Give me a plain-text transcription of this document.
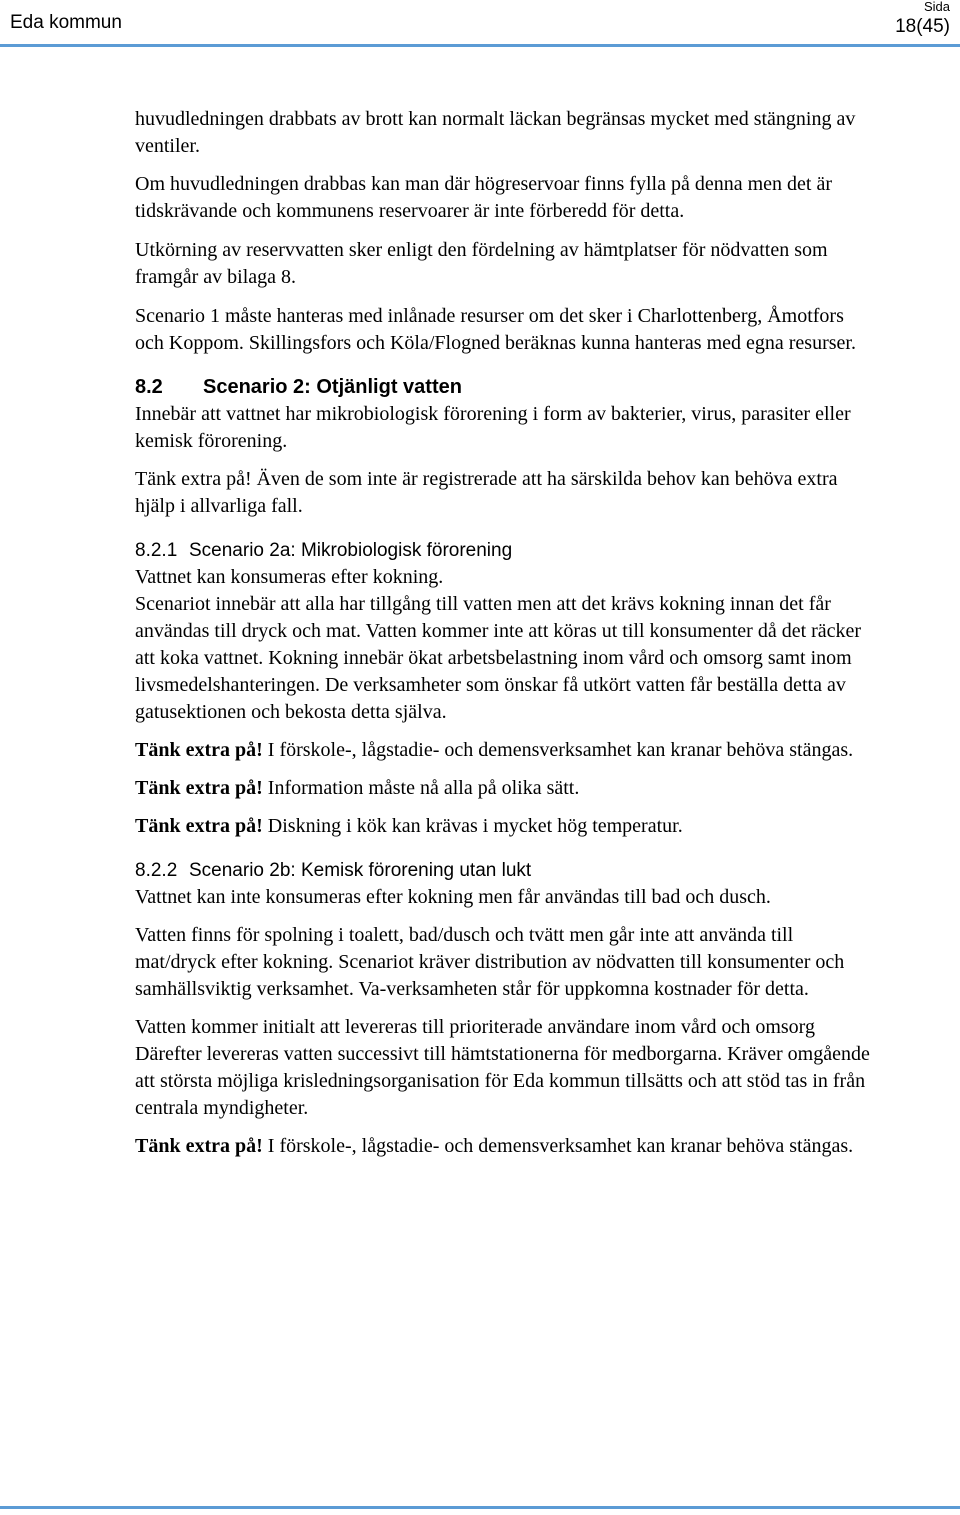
Eda kommun
Sida
18(45)

huvudledningen drabbats av brott kan normalt läckan begränsas mycket med stängning av ventiler.

Om huvudledningen drabbas kan man där högreservoar finns fylla på denna men det är tidskrävande och kommunens reservoarer är inte förberedd för detta.

Utkörning av reservvatten sker enligt den fördelning av hämtplatser för nödvatten som framgår av bilaga 8.

Scenario 1 måste hanteras med inlånade resurser om det sker i Charlottenberg, Åmotfors och Koppom. Skillingsfors och Köla/Flogned beräknas kunna hanteras med egna resurser.

8.2 Scenario 2: Otjänligt vatten

Innebär att vattnet har mikrobiologisk förorening i form av bakterier, virus, parasiter eller kemisk förorening.

Tänk extra på! Även de som inte är registrerade att ha särskilda behov kan behöva extra hjälp i allvarliga fall.

8.2.1 Scenario 2a: Mikrobiologisk förorening

Vattnet kan konsumeras efter kokning.

Scenariot innebär att alla har tillgång till vatten men att det krävs kokning innan det får användas till dryck och mat. Vatten kommer inte att köras ut till konsumenter då det räcker att koka vattnet. Kokning innebär ökat arbetsbelastning inom vård och omsorg samt inom livsmedelshanteringen. De verksamheter som önskar få utkört vatten får beställa detta av gatusektionen och bekosta detta själva.

Tänk extra på! I förskole-, lågstadie- och demensverksamhet kan kranar behöva stängas.

Tänk extra på! Information måste nå alla på olika sätt.

Tänk extra på! Diskning i kök kan krävas i mycket hög temperatur.

8.2.2 Scenario 2b: Kemisk förorening utan lukt

Vattnet kan inte konsumeras efter kokning men får användas till bad och dusch.

Vatten finns för spolning i toalett, bad/dusch och tvätt men går inte att använda till mat/dryck efter kokning. Scenariot kräver distribution av nödvatten till konsumenter och samhällsviktig verksamhet. Va-verksamheten står för uppkomna kostnader för detta.

Vatten kommer initialt att levereras till prioriterade användare inom vård och omsorg Därefter levereras vatten successivt till hämtstationerna för medborgarna. Kräver omgående att största möjliga krisledningsorganisation för Eda kommun tillsätts och att stöd tas in från centrala myndigheter.

Tänk extra på! I förskole-, lågstadie- och demensverksamhet kan kranar behöva stängas.
